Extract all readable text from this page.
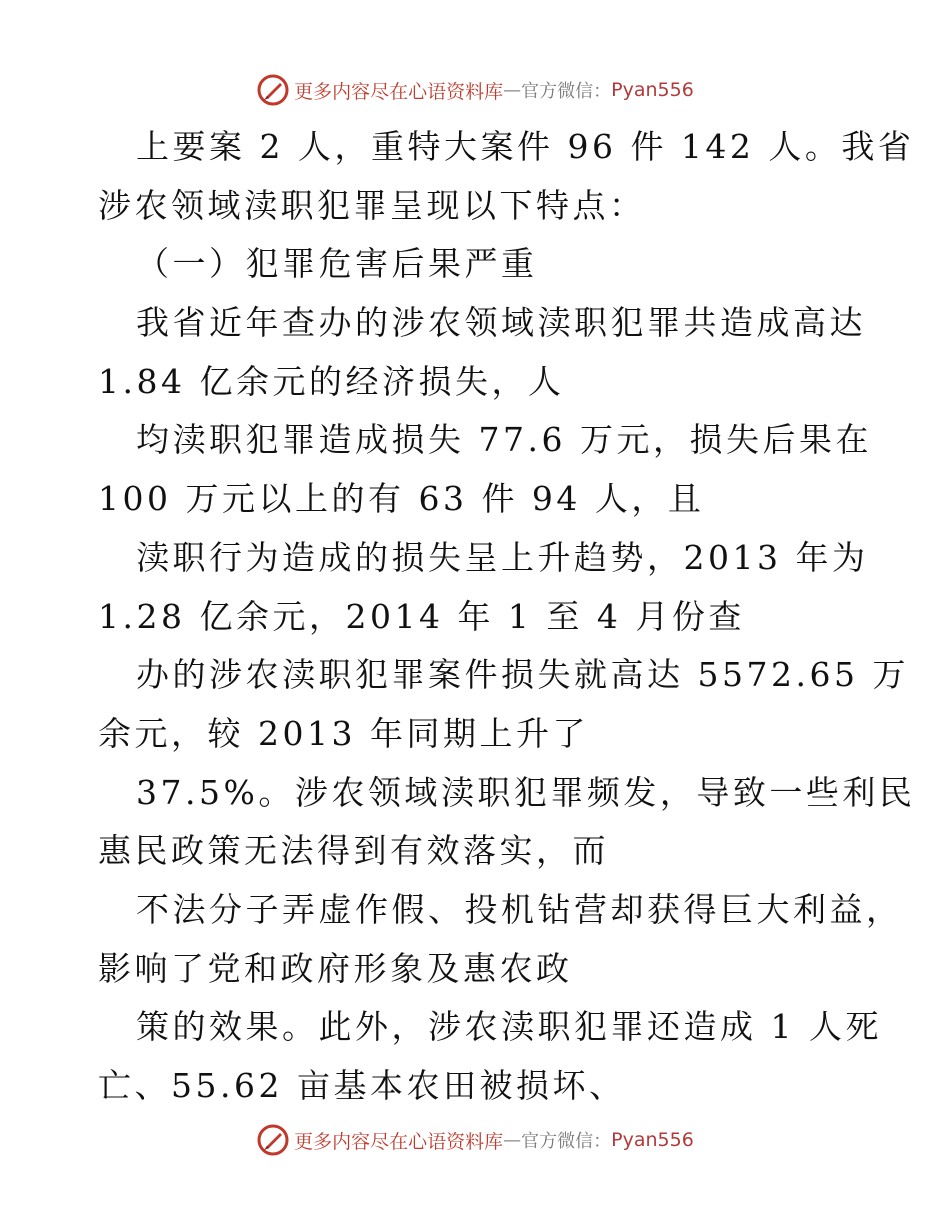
更多内容尽在心语资料库 — 官方微信： Pyan556
上要案 2 人，重特大案件 96 件 142 人。我省
涉农领域渎职犯罪呈现以下特点：
（一）犯罪危害后果严重
我省近年查办的涉农领域渎职犯罪共造成高达
1.84 亿余元的经济损失，人
均渎职犯罪造成损失 77.6 万元，损失后果在
100 万元以上的有 63 件 94 人，且
渎职行为造成的损失呈上升趋势，2013 年为
1.28 亿余元，2014 年 1 至 4 月份查
办的涉农渎职犯罪案件损失就高达 5572.65 万
余元，较 2013 年同期上升了
37.5%。涉农领域渎职犯罪频发，导致一些利民
惠民政策无法得到有效落实，而
不法分子弄虚作假、投机钻营却获得巨大利益，
影响了党和政府形象及惠农政
策的效果。此外，涉农渎职犯罪还造成 1 人死
亡、55.62 亩基本农田被损坏、
更多内容尽在心语资料库 — 官方微信： Pyan556
